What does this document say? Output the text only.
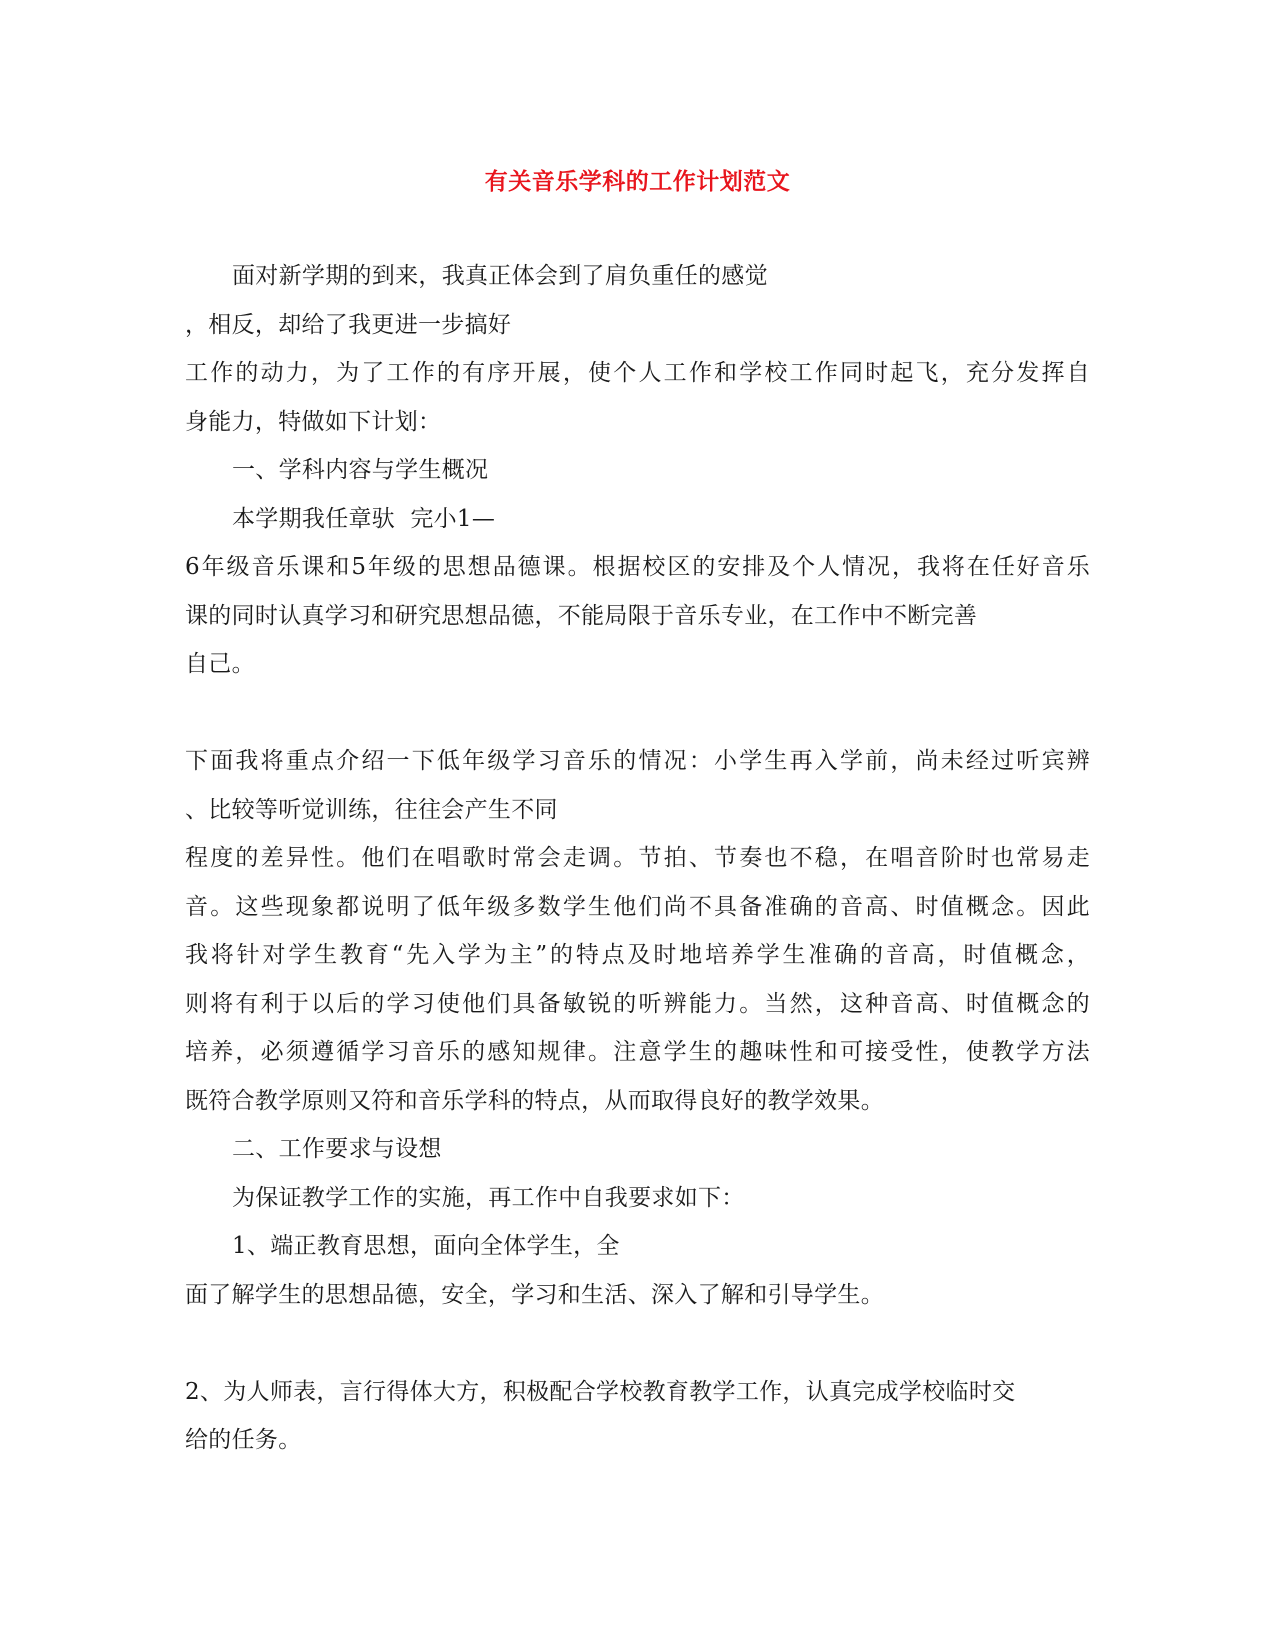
有关音乐学科的工作计划范文
面对新学期的到来，我真正体会到了肩负重任的感觉
，相反，却给了我更进一步搞好
工作的动力，为了工作的有序开展，使个人工作和学校工作同时起飞，充分发挥自
身能力，特做如下计划：
一、学科内容与学生概况
本学期我任章驮  完小1—
6年级音乐课和5年级的思想品德课。根据校区的安排及个人情况，我将在任好音乐
课的同时认真学习和研究思想品德，不能局限于音乐专业，在工作中不断完善
自己。
下面我将重点介绍一下低年级学习音乐的情况：小学生再入学前，尚未经过听宾辨
、比较等听觉训练，往往会产生不同
程度的差异性。他们在唱歌时常会走调。节拍、节奏也不稳，在唱音阶时也常易走
音。这些现象都说明了低年级多数学生他们尚不具备准确的音高、时值概念。因此
我将针对学生教育“先入学为主”的特点及时地培养学生准确的音高，时值概念，
则将有利于以后的学习使他们具备敏锐的听辨能力。当然，这种音高、时值概念的
培养，必须遵循学习音乐的感知规律。注意学生的趣味性和可接受性，使教学方法
既符合教学原则又符和音乐学科的特点，从而取得良好的教学效果。
二、工作要求与设想
为保证教学工作的实施，再工作中自我要求如下：
1、端正教育思想，面向全体学生，全
面了解学生的思想品德，安全，学习和生活、深入了解和引导学生。
2、为人师表，言行得体大方，积极配合学校教育教学工作，认真完成学校临时交
给的任务。
